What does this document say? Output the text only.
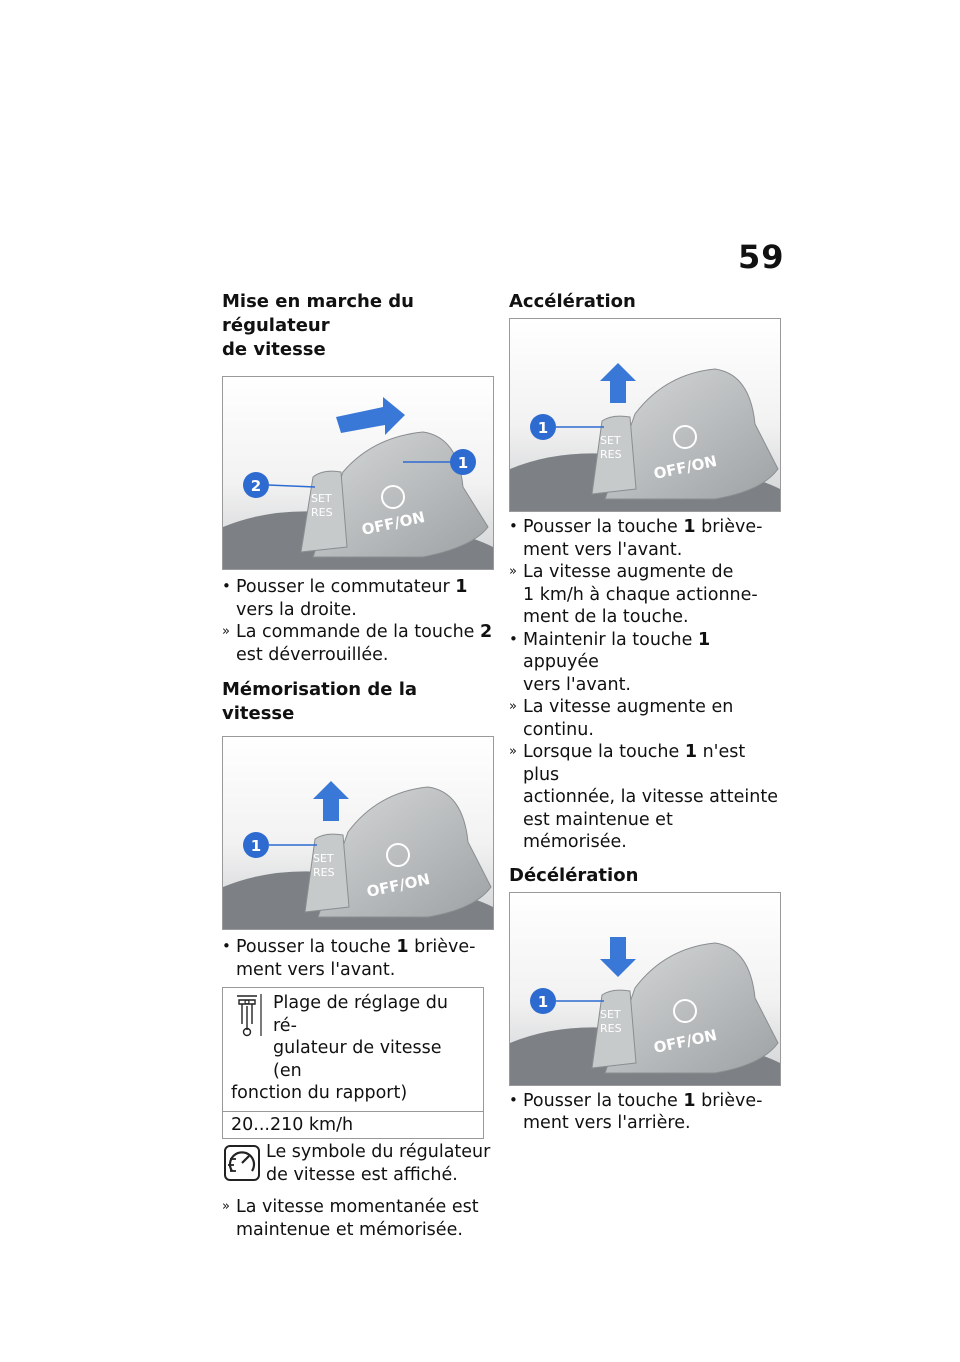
59
Mise en marche du régulateur
de vitesse
SET
RES OFF/ON
2
1
• Pousser le commutateur 1
vers la droite.
» La commande de la touche 2
est déverrouillée.
Mémorisation de la vitesse
SET
RES OFF/ON
1
• Pousser la touche 1 briève-
ment vers l'avant.
Plage de réglage du ré-
gulateur de vitesse (en
fonction du rapport)
20...210 km/h
Le symbole du régulateur
de vitesse est affiché.
» La vitesse momentanée est
maintenue et mémorisée.
Accélération
SET
RES OFF/ON
1
• Pousser la touche 1 briève-
ment vers l'avant.
» La vitesse augmente de
1 km/h à chaque actionne-
ment de la touche.
• Maintenir la touche 1 appuyée
vers l'avant.
» La vitesse augmente en
continu.
» Lorsque la touche 1 n'est plus
actionnée, la vitesse atteinte
est maintenue et mémorisée.
Décélération
SET
RES OFF/ON
1
• Pousser la touche 1 briève-
ment vers l'arrière.
